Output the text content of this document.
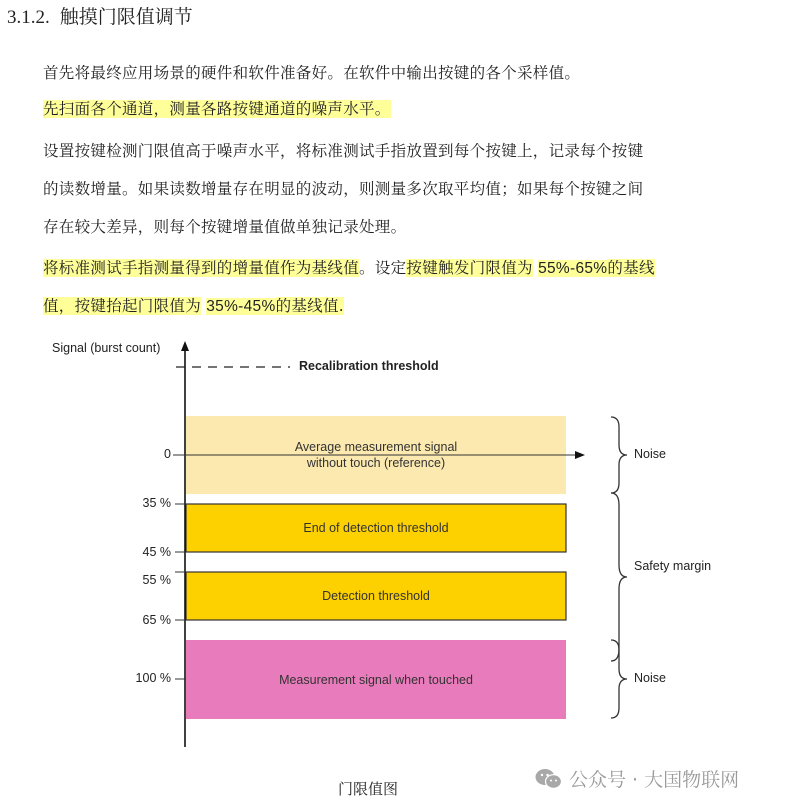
3.1.2. 触摸门限值调节
首先将最终应用场景的硬件和软件准备好。在软件中输出按键的各个采样值。
先扫面各个通道，测量各路按键通道的噪声水平。
设置按键检测门限值高于噪声水平，将标准测试手指放置到每个按键上，记录每个按键
的读数增量。如果读数增量存在明显的波动，则测量多次取平均值；如果每个按键之间
存在较大差异，则每个按键增量值做单独记录处理。
将标准测试手指测量得到的增量值作为基线值。设定按键触发门限值为 55%-65%的基线
值，按键抬起门限值为 35%-45%的基线值.
Signal (burst count)
Recalibration threshold
0
35 %
45 %
55 %
65 %
100 %
Average measurement signal
without touch (reference)
End of detection threshold
Detection threshold
Measurement signal when touched
Noise
Safety margin
Noise
门限值图	公众号 · 大国物联网
